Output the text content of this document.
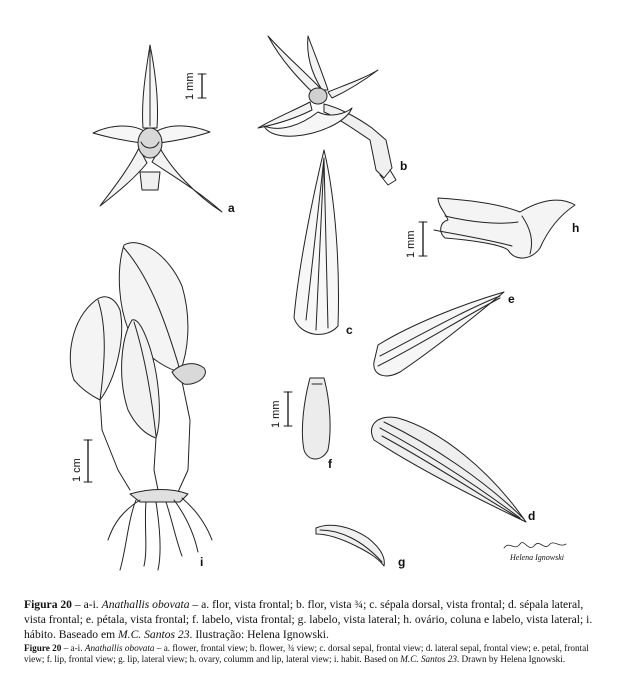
a
b
c
d
e
f
g
h
i
1 mm
1 mm
1 mm
1 cm
Helena Ignowski
Figura 20 – a-i. Anathallis obovata – a. flor, vista frontal; b. flor, vista ¾; c. sépala dorsal, vista frontal; d. sépala lateral, vista frontal; e. pétala, vista frontal; f. labelo, vista frontal; g. labelo, vista lateral; h. ovário, coluna e labelo, vista lateral; i. hábito. Baseado em M.C. Santos 23. Ilustração: Helena Ignowski.
Figure 20 – a-i. Anathallis obovata – a. flower, frontal view; b. flower, ¾ view; c. dorsal sepal, frontal view; d. lateral sepal, frontal view; e. petal, frontal view; f. lip, frontal view; g. lip, lateral view; h. ovary, columm and lip, lateral view; i. habit. Based on M.C. Santos 23. Drawn by Helena Ignowski.
